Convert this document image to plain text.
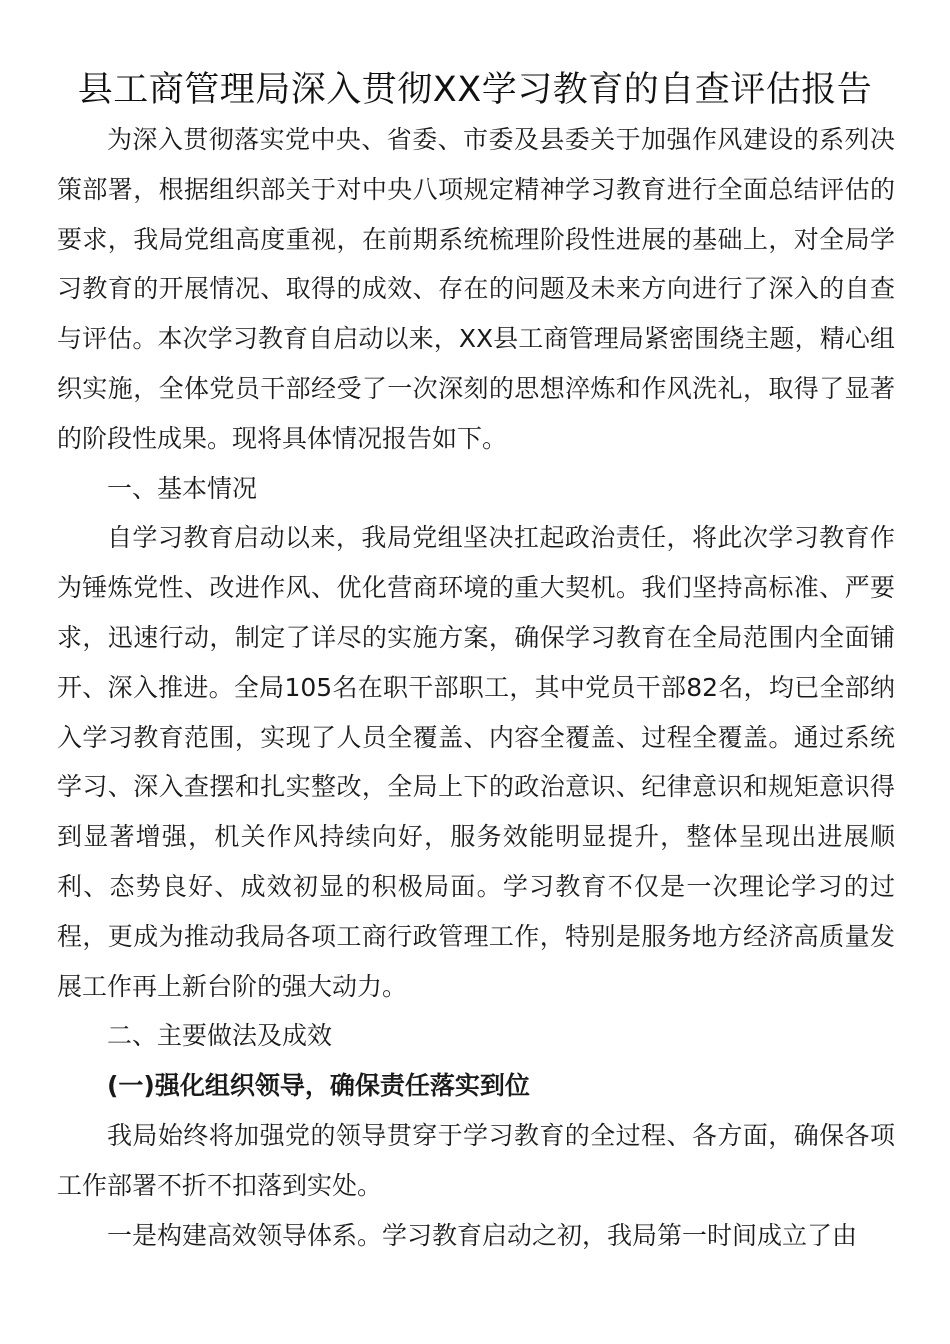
县工商管理局深入贯彻XX学习教育的自查评估报告

为深入贯彻落实党中央、省委、市委及县委关于加强作风建设的系列决策部署，根据组织部关于对中央八项规定精神学习教育进行全面总结评估的要求，我局党组高度重视，在前期系统梳理阶段性进展的基础上，对全局学习教育的开展情况、取得的成效、存在的问题及未来方向进行了深入的自查与评估。本次学习教育自启动以来，XX县工商管理局紧密围绕主题，精心组织实施，全体党员干部经受了一次深刻的思想淬炼和作风洗礼，取得了显著的阶段性成果。现将具体情况报告如下。

一、基本情况

自学习教育启动以来，我局党组坚决扛起政治责任，将此次学习教育作为锤炼党性、改进作风、优化营商环境的重大契机。我们坚持高标准、严要求，迅速行动，制定了详尽的实施方案，确保学习教育在全局范围内全面铺开、深入推进。全局105名在职干部职工，其中党员干部82名，均已全部纳入学习教育范围，实现了人员全覆盖、内容全覆盖、过程全覆盖。通过系统学习、深入查摆和扎实整改，全局上下的政治意识、纪律意识和规矩意识得到显著增强，机关作风持续向好，服务效能明显提升，整体呈现出进展顺利、态势良好、成效初显的积极局面。学习教育不仅是一次理论学习的过程，更成为推动我局各项工商行政管理工作，特别是服务地方经济高质量发展工作再上新台阶的强大动力。

二、主要做法及成效

(一)强化组织领导，确保责任落实到位

我局始终将加强党的领导贯穿于学习教育的全过程、各方面，确保各项工作部署不折不扣落到实处。

一是构建高效领导体系。学习教育启动之初，我局第一时间成立了由
